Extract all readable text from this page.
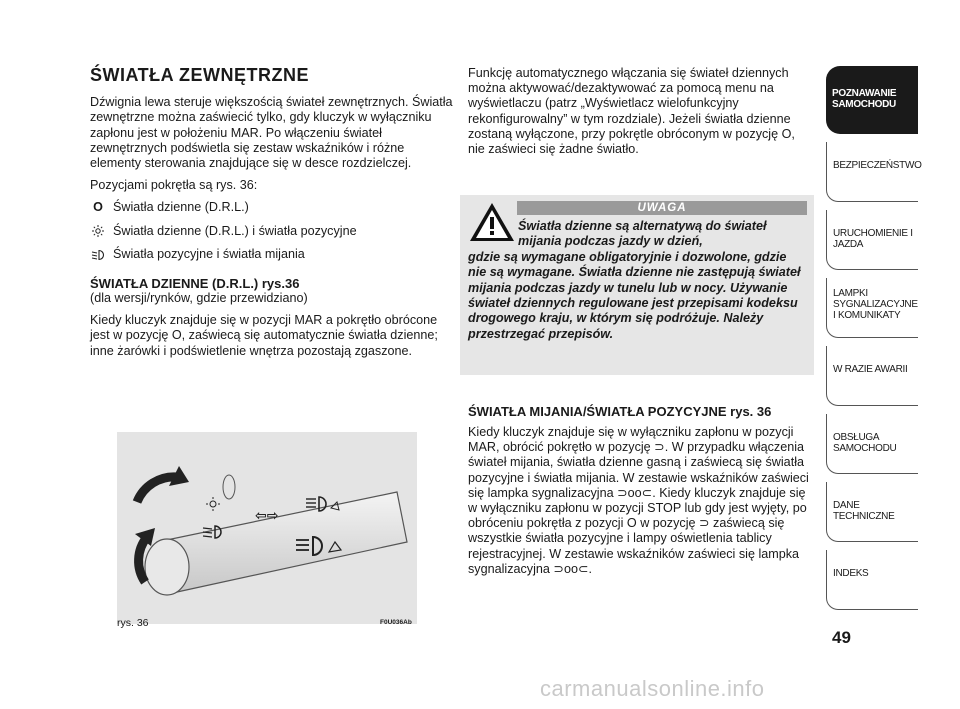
ŚWIATŁA ZEWNĘTRZNE

Dźwignia lewa steruje większością świateł zewnętrznych. Światła zewnętrzne można zaświecić tylko, gdy kluczyk w wyłączniku zapłonu jest w położeniu MAR. Po włączeniu świateł zewnętrznych podświetla się zestaw wskaźników i różne elementy sterowania znajdujące się w desce rozdzielczej.

Pozycjami pokrętła są rys. 36:

O Światła dzienne (D.R.L.)
Światła dzienne (D.R.L.) i światła pozycyjne
Światła pozycyjne i światła mijania
ŚWIATŁA DZIENNE (D.R.L.) rys.36

(dla wersji/rynków, gdzie przewidziano)

Kiedy kluczyk znajduje się w pozycji MAR a pokrętło obrócone jest w pozycję O, zaświecą się automatycznie światła dzienne; inne żarówki i podświetlenie wnętrza pozostają zgaszone.

⇦⇨
rys. 36	F0U036Ab

Funkcję automatycznego włączania się świateł dziennych można aktywować/dezaktywować za pomocą menu na wyświetlaczu (patrz „Wyświetlacz wielofunkcyjny rekonfigurowalny” w tym rozdziale). Jeżeli światła dzienne zostaną wyłączone, przy pokrętle obróconym w pozycję O, nie zaświeci się żadne światło.

UWAGA
Światła dzienne są alternatywą do świateł mijania podczas jazdy w dzień,
gdzie są wymagane obligatoryjnie i dozwolone, gdzie nie są wymagane. Światła dzienne nie zastępują świateł mijania podczas jazdy w tunelu lub w nocy. Używanie świateł dziennych regulowane jest przepisami kodeksu drogowego kraju, w którym się podróżuje. Należy przestrzegać przepisów.
ŚWIATŁA MIJANIA/ŚWIATŁA POZYCYJNE rys. 36

Kiedy kluczyk znajduje się w wyłączniku zapłonu w pozycji MAR, obrócić pokrętło w pozycję ⊃. W przypadku włączenia świateł mijania, światła dzienne gasną i zaświecą się światła pozycyjne i światła mijania. W zestawie wskaźników zaświeci się lampka sygnalizacyjna ⊃oo⊂. Kiedy kluczyk znajduje się w wyłączniku zapłonu w pozycji STOP lub gdy jest wyjęty, po obróceniu pokrętła z pozycji O w pozycję ⊃ zaświecą się wszystkie światła pozycyjne i lampy oświetlenia tablicy rejestracyjnej. W zestawie wskaźników zaświeci się lampka sygnalizacyjna ⊃oo⊂.

POZNAWANIE SAMOCHODU
BEZPIECZEŃSTWO
URUCHOMIENIE I JAZDA
LAMPKI SYGNALIZACYJNE I KOMUNIKATY
W RAZIE AWARII
OBSŁUGA SAMOCHODU
DANE TECHNICZNE
INDEKS
49
carmanualsonline.info
